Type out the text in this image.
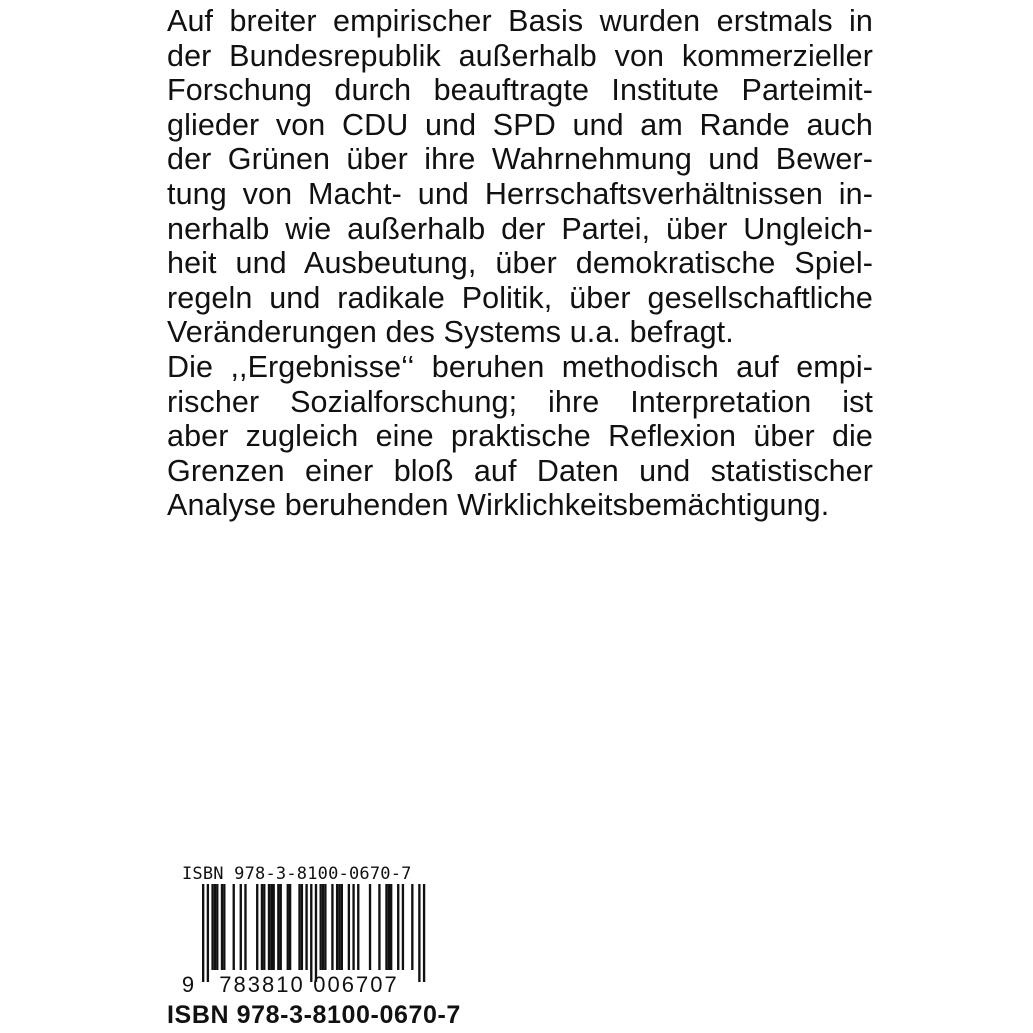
Auf breiter empirischer Basis wurden erstmals in
der Bundesrepublik außerhalb von kommerzieller
Forschung durch beauftragte Institute Parteimit-
glieder von CDU und SPD und am Rande auch
der Grünen über ihre Wahrnehmung und Bewer-
tung von Macht- und Herrschaftsverhältnissen in-
nerhalb wie außerhalb der Partei, über Ungleich-
heit und Ausbeutung, über demokratische Spiel-
regeln und radikale Politik, über gesellschaftliche
Veränderungen des Systems u.a. befragt.
Die ,,Ergebnisse‘‘ beruhen methodisch auf empi-
rischer Sozialforschung; ihre Interpretation ist
aber zugleich eine praktische Reflexion über die
Grenzen einer bloß auf Daten und statistischer
Analyse beruhenden Wirklichkeitsbemächtigung.
ISBN 978-3-8100-0670-7
9 783810 006707
ISBN 978-3-8100-0670-7
